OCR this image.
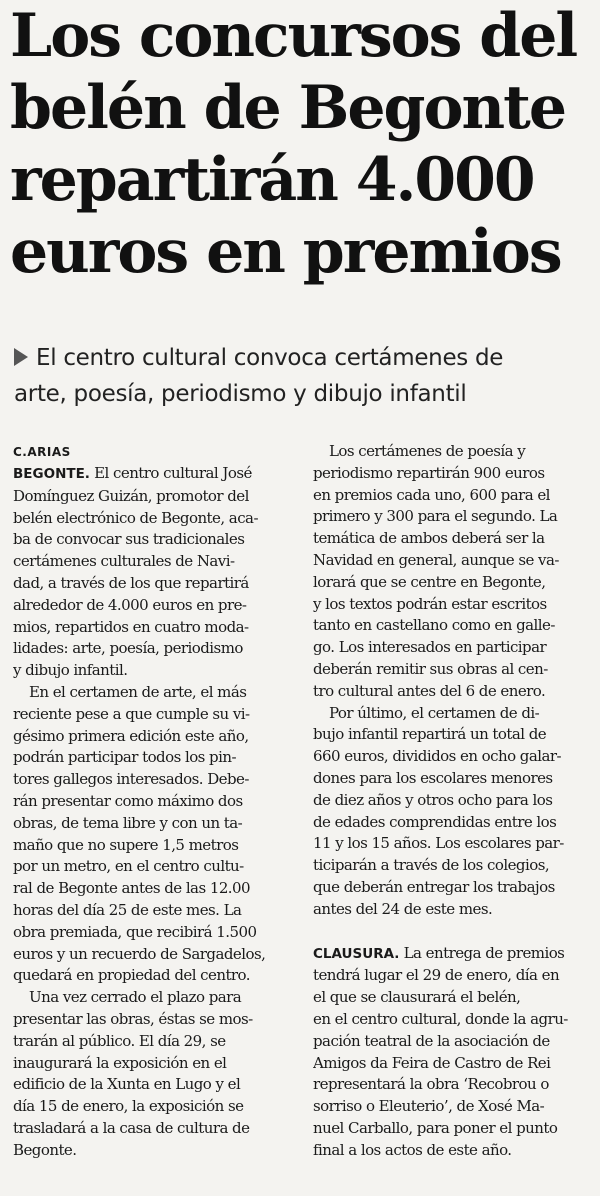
Los concursos del
belén de Begonte
repartirán 4.000
euros en premios
El centro cultural convoca certámenes de
arte, poesía, periodismo y dibujo infantil
C.ARIAS
BEGONTE. El centro cultural José
Domínguez Guizán, promotor del
belén electrónico de Begonte, aca-
ba de convocar sus tradicionales
certámenes culturales de Navi-
dad, a través de los que repartirá
alrededor de 4.000 euros en pre-
mios, repartidos en cuatro moda-
lidades: arte, poesía, periodismo
y dibujo infantil.
En el certamen de arte, el más
reciente pese a que cumple su vi-
gésimo primera edición este año,
podrán participar todos los pin-
tores gallegos interesados. Debe-
rán presentar como máximo dos
obras, de tema libre y con un ta-
maño que no supere 1,5 metros
por un metro, en el centro cultu-
ral de Begonte antes de las 12.00
horas del día 25 de este mes. La
obra premiada, que recibirá 1.500
euros y un recuerdo de Sargadelos,
quedará en propiedad del centro.
Una vez cerrado el plazo para
presentar las obras, éstas se mos-
trarán al público. El día 29, se
inaugurará la exposición en el
edificio de la Xunta en Lugo y el
día 15 de enero, la exposición se
trasladará a la casa de cultura de
Begonte.
Los certámenes de poesía y
periodismo repartirán 900 euros
en premios cada uno, 600 para el
primero y 300 para el segundo. La
temática de ambos deberá ser la
Navidad en general, aunque se va-
lorará que se centre en Begonte,
y los textos podrán estar escritos
tanto en castellano como en galle-
go. Los interesados en participar
deberán remitir sus obras al cen-
tro cultural antes del 6 de enero.
Por último, el certamen de di-
bujo infantil repartirá un total de
660 euros, divididos en ocho galar-
dones para los escolares menores
de diez años y otros ocho para los
de edades comprendidas entre los
11 y los 15 años. Los escolares par-
ticiparán a través de los colegios,
que deberán entregar los trabajos
antes del 24 de este mes.
CLAUSURA. La entrega de premios
tendrá lugar el 29 de enero, día en
el que se clausurará el belén,
en el centro cultural, donde la agru-
pación teatral de la asociación de
Amigos da Feira de Castro de Rei
representará la obra ‘Recobrou o
sorriso o Eleuterio’, de Xosé Ma-
nuel Carballo, para poner el punto
final a los actos de este año.
